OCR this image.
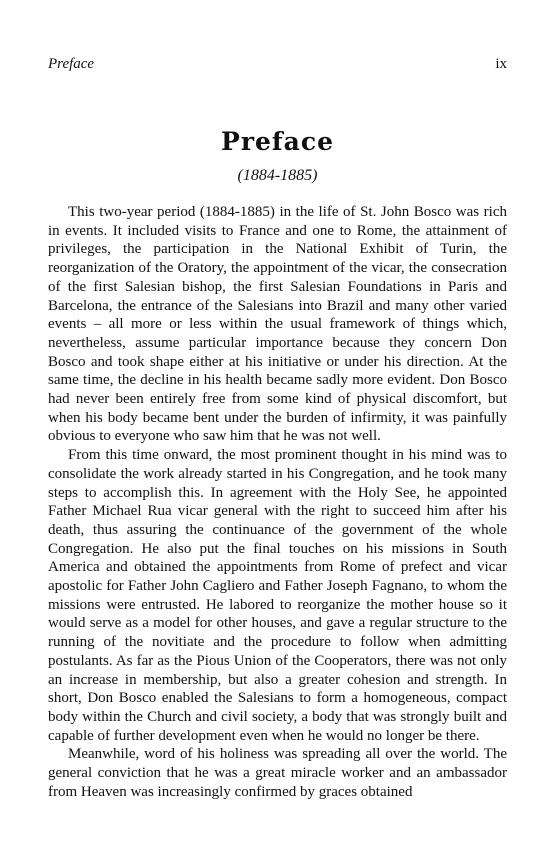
Preface	ix
Preface
(1884-1885)

This two-year period (1884-1885) in the life of St. John Bosco was rich in events. It included visits to France and one to Rome, the attainment of privileges, the participation in the National Exhibit of Turin, the reorganization of the Oratory, the appointment of the vicar, the consecration of the first Salesian bishop, the first Salesian Foundations in Paris and Barcelona, the entrance of the Salesians into Brazil and many other varied events – all more or less within the usual framework of things which, nevertheless, assume particular importance because they concern Don Bosco and took shape either at his initiative or under his direction. At the same time, the decline in his health became sadly more evident. Don Bosco had never been entirely free from some kind of physical discomfort, but when his body became bent under the burden of infirmity, it was painfully obvious to everyone who saw him that he was not well.

From this time onward, the most prominent thought in his mind was to consolidate the work already started in his Congregation, and he took many steps to accomplish this. In agreement with the Holy See, he appointed Father Michael Rua vicar general with the right to succeed him after his death, thus assuring the continuance of the government of the whole Congregation. He also put the final touches on his missions in South America and obtained the appointments from Rome of prefect and vicar apostolic for Father John Cagliero and Father Joseph Fagnano, to whom the missions were entrusted. He labored to reorganize the mother house so it would serve as a model for other houses, and gave a regular structure to the running of the novitiate and the procedure to follow when admitting postulants. As far as the Pious Union of the Cooperators, there was not only an increase in membership, but also a greater cohesion and strength. In short, Don Bosco enabled the Salesians to form a homogeneous, compact body within the Church and civil society, a body that was strongly built and capable of further development even when he would no longer be there.

Meanwhile, word of his holiness was spreading all over the world. The general conviction that he was a great miracle worker and an ambassador from Heaven was increasingly confirmed by graces obtained
